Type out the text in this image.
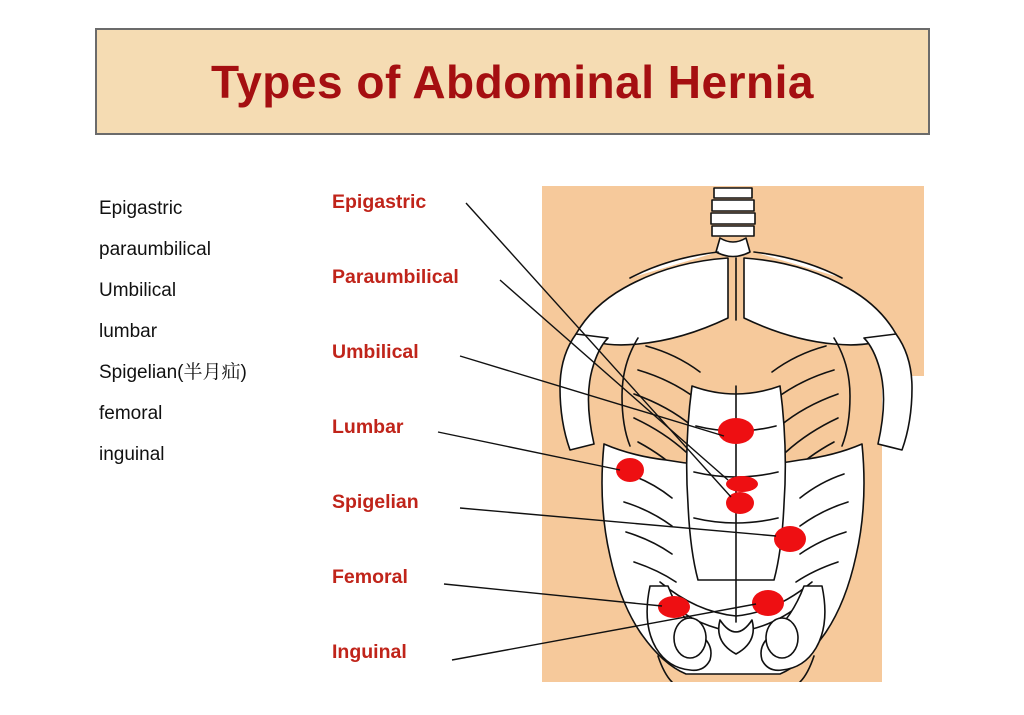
Types of Abdominal Hernia
Epigastric
paraumbilical
Umbilical
lumbar
Spigelian(半月疝)
femoral
inguinal
Epigastric
Paraumbilical
Umbilical
Lumbar
Spigelian
Femoral
Inguinal
